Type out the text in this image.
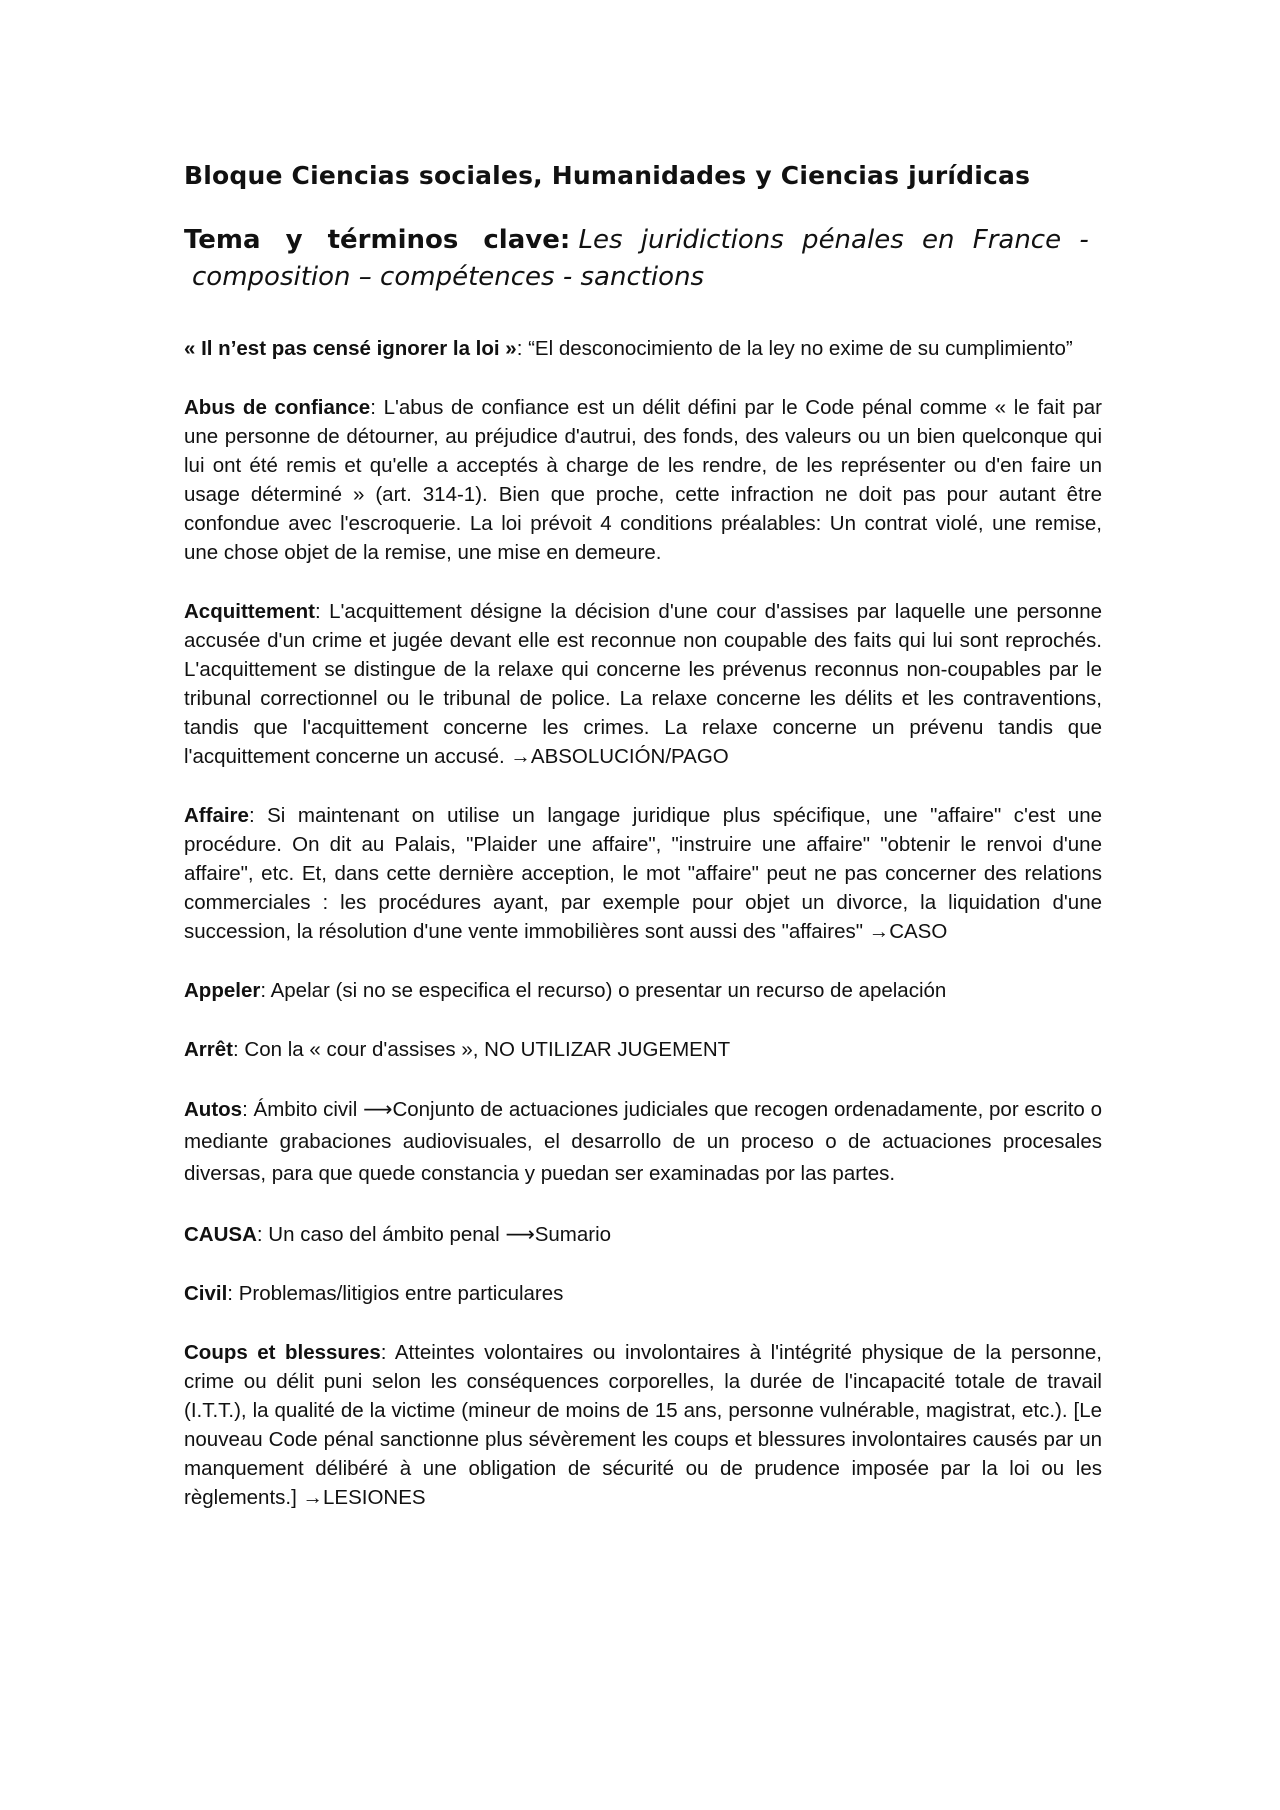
Bloque Ciencias sociales, Humanidades y Ciencias jurídicas
Tema y términos clave: Les juridictions pénales en France -
composition – compétences - sanctions

« Il n’est pas censé ignorer la loi »: “El desconocimiento de la ley no exime de su cumplimiento”

Abus de confiance: L'abus de confiance est un délit défini par le Code pénal comme « le fait par une personne de détourner, au préjudice d'autrui, des fonds, des valeurs ou un bien quelconque qui lui ont été remis et qu'elle a acceptés à charge de les rendre, de les représenter ou d'en faire un usage déterminé » (art. 314-1). Bien que proche, cette infraction ne doit pas pour autant être confondue avec l'escroquerie. La loi prévoit 4 conditions préalables: Un contrat violé, une remise, une chose objet de la remise, une mise en demeure.

Acquittement: L'acquittement désigne la décision d'une cour d'assises par laquelle une personne accusée d'un crime et jugée devant elle est reconnue non coupable des faits qui lui sont reprochés. L'acquittement se distingue de la relaxe qui concerne les prévenus reconnus non-coupables par le tribunal correctionnel ou le tribunal de police. La relaxe concerne les délits et les contraventions, tandis que l'acquittement concerne les crimes. La relaxe concerne un prévenu tandis que l'acquittement concerne un accusé. →ABSOLUCIÓN/PAGO

Affaire: Si maintenant on utilise un langage juridique plus spécifique, une "affaire" c'est une procédure. On dit au Palais, "Plaider une affaire", "instruire une affaire" "obtenir le renvoi d'une affaire", etc. Et, dans cette dernière acception, le mot "affaire" peut ne pas concerner des relations commerciales : les procédures ayant, par exemple pour objet un divorce, la liquidation d'une succession, la résolution d'une vente immobilières sont aussi des "affaires" →CASO

Appeler: Apelar (si no se especifica el recurso) o presentar un recurso de apelación

Arrêt: Con la « cour d'assises », NO UTILIZAR JUGEMENT

Autos: Ámbito civil ⟶Conjunto de actuaciones judiciales que recogen ordenadamente, por escrito o mediante grabaciones audiovisuales, el desarrollo de un proceso o de actuaciones procesales diversas, para que quede constancia y puedan ser examinadas por las partes.

CAUSA: Un caso del ámbito penal ⟶Sumario

Civil: Problemas/litigios entre particulares

Coups et blessures: Atteintes volontaires ou involontaires à l'intégrité physique de la personne, crime ou délit puni selon les conséquences corporelles, la durée de l'incapacité totale de travail (I.T.T.), la qualité de la victime (mineur de moins de 15 ans, personne vulnérable, magistrat, etc.). [Le nouveau Code pénal sanctionne plus sévèrement les coups et blessures involontaires causés par un manquement délibéré à une obligation de sécurité ou de prudence imposée par la loi ou les règlements.] →LESIONES
